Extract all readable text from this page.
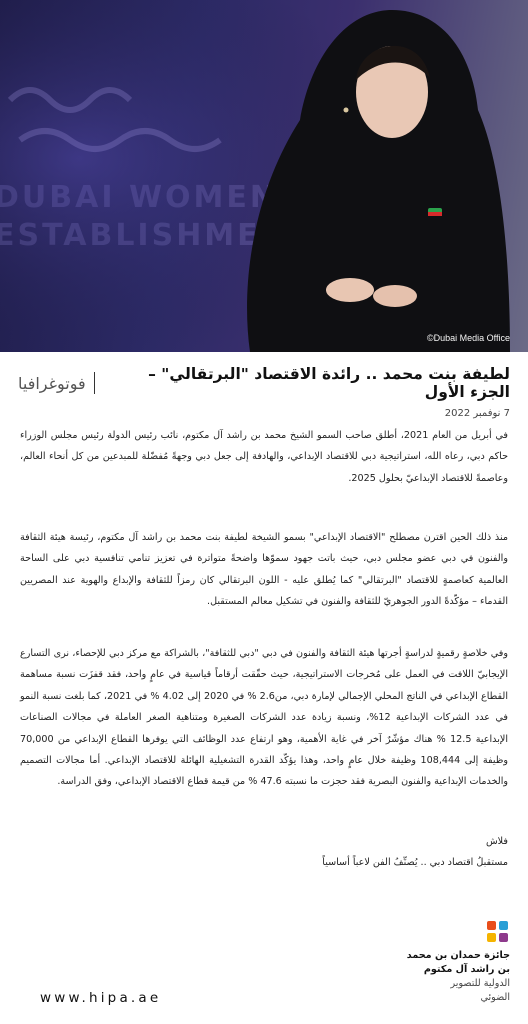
©Dubai Media Office
فوتوغرافيا	لطيفة بنت محمد .. رائدة الاقتصاد "البرتقالي" – الجزء الأول
7 نوفمبر 2022

في أبريل من العام 2021، أطلق صاحب السمو الشيخ محمد بن راشد آل مكتوم، نائب رئيس الدولة رئيس مجلس الوزراء حاكم دبي، رعاه الله، استراتيجية دبي للاقتصاد الإبداعي، والهادفة إلى جعل دبي وجهةً مُفضّلة للمبدعين من كل أنحاء العالم، وعاصمةً للاقتصاد الإبداعيّ بحلول 2025.

منذ ذلك الحين اقترن مصطلح "الاقتصاد الإبداعي" بسمو الشيخة لطيفة بنت محمد بن راشد آل مكتوم، رئيسة هيئة الثقافة والفنون في دبي عضو مجلس دبي، حيث باتت جهود سموّها واضحةً متواترة في تعزيز تنامي تنافسية دبي على الساحة العالمية كعاصمةٍ للاقتصاد "البرتقالي" كما يُطلق عليه - اللون البرتقالي كان رمزاً للثقافة والإبداع والهوية عند المصريين القدماء – مؤكّدةً الدور الجوهريّ للثقافة والفنون في تشكيل معالم المستقبل.

وفي خلاصةٍ رقميةٍ لدراسةٍ أجرتها هيئة الثقافة والفنون في دبي "دبي للثقافة"، بالشراكة مع مركز دبي للإحصاء، نرى التسارع الإيجابيّ اللافت في العمل على مُخرجات الاستراتيجية، حيث حقّقت أرقاماً قياسية في عامٍ واحد، فقد قفزَت نسبة مساهمة القطاع الإبداعي في الناتج المحلي الإجمالي لإمارة دبي، من2.6 % في 2020 إلى 4.02 % في 2021، كما بلغت نسبة النمو في عدد الشركات الإبداعية 12%، ونسبة زيادة عدد الشركات الصغيرة ومتناهية الصغر العاملة في مجالات الصناعات الإبداعية 12.5 % هناك مؤشّرٌ آخر في غاية الأهمية، وهو ارتفاع عدد الوظائف التي يوفرها القطاع الإبداعي من 70,000 وظيفة إلى 108,444 وظيفة خلال عامٍ واحد، وهذا يؤكّد القدرة التشغيلية الهائلة للاقتصاد الإبداعي. أما مجالات التصميم والخدمات الإبداعية والفنون البصرية فقد حجزت ما نسبته 47.6 % من قيمة قطاع الاقتصاد الإبداعي، وفق الدراسة.

فلاش
مستقبلُ اقتصاد دبي .. يُصنِّفُ الفن لاعباً أساسياً
جائزة حمدان بن محمد
بن راشد آل مكتوم
الدولية للتصوير
الضوئي
www.hipa.ae
